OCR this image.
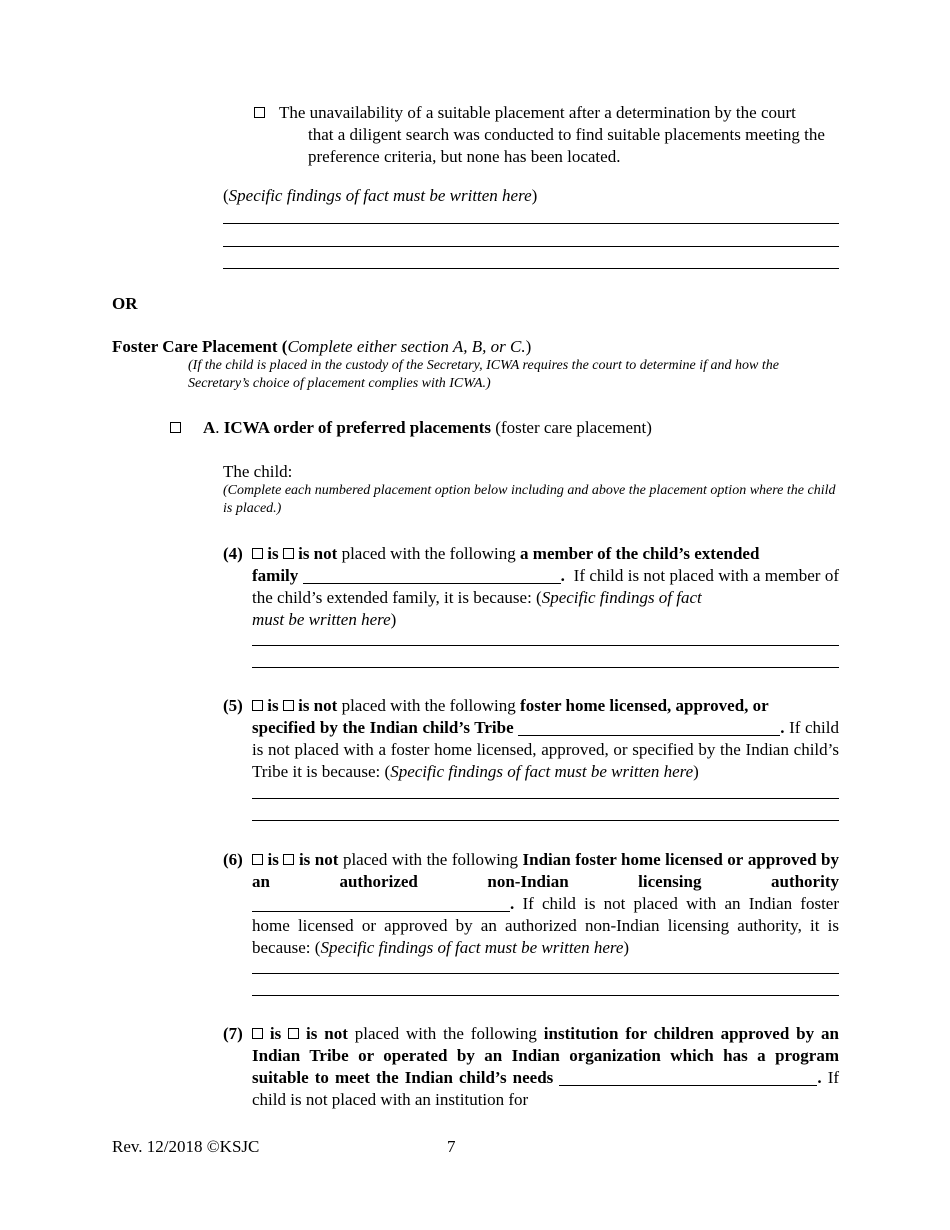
The unavailability of a suitable placement after a determination by the court
that a diligent search was conducted to find suitable placements meeting the preference criteria, but none has been located.
(Specific findings of fact must be written here)
OR
Foster Care Placement (Complete either section A, B, or C.)
(If the child is placed in the custody of the Secretary, ICWA requires the court to determine if and how the Secretary’s choice of placement complies with ICWA.)
A. ICWA order of preferred placements (foster care placement)
The child:
(Complete each numbered placement option below including and above the placement option where the child is placed.)
(4) is is not placed with the following a member of the child’s extended
family	. If child is not placed with a member of the child’s extended family, it is because: (Specific findings of fact
must be written here)
(5) is is not placed with the following foster home licensed, approved, or
specified by the Indian child’s Tribe	. If child is not placed with a foster home licensed, approved, or specified by the Indian child’s Tribe it is because: (Specific findings of fact must be written here)
(6) is is not placed with the following Indian foster home licensed or approved by an authorized non-Indian licensing authority . If child is not placed with an Indian foster home licensed or approved by an authorized non-Indian licensing authority, it is because: (Specific findings of fact must be written here)
(7) is is not placed with the following institution for children approved by an Indian Tribe or operated by an Indian organization which has a program suitable to meet the Indian child’s needs	. If child is not placed with an institution for
Rev. 12/2018 ©KSJC	7
